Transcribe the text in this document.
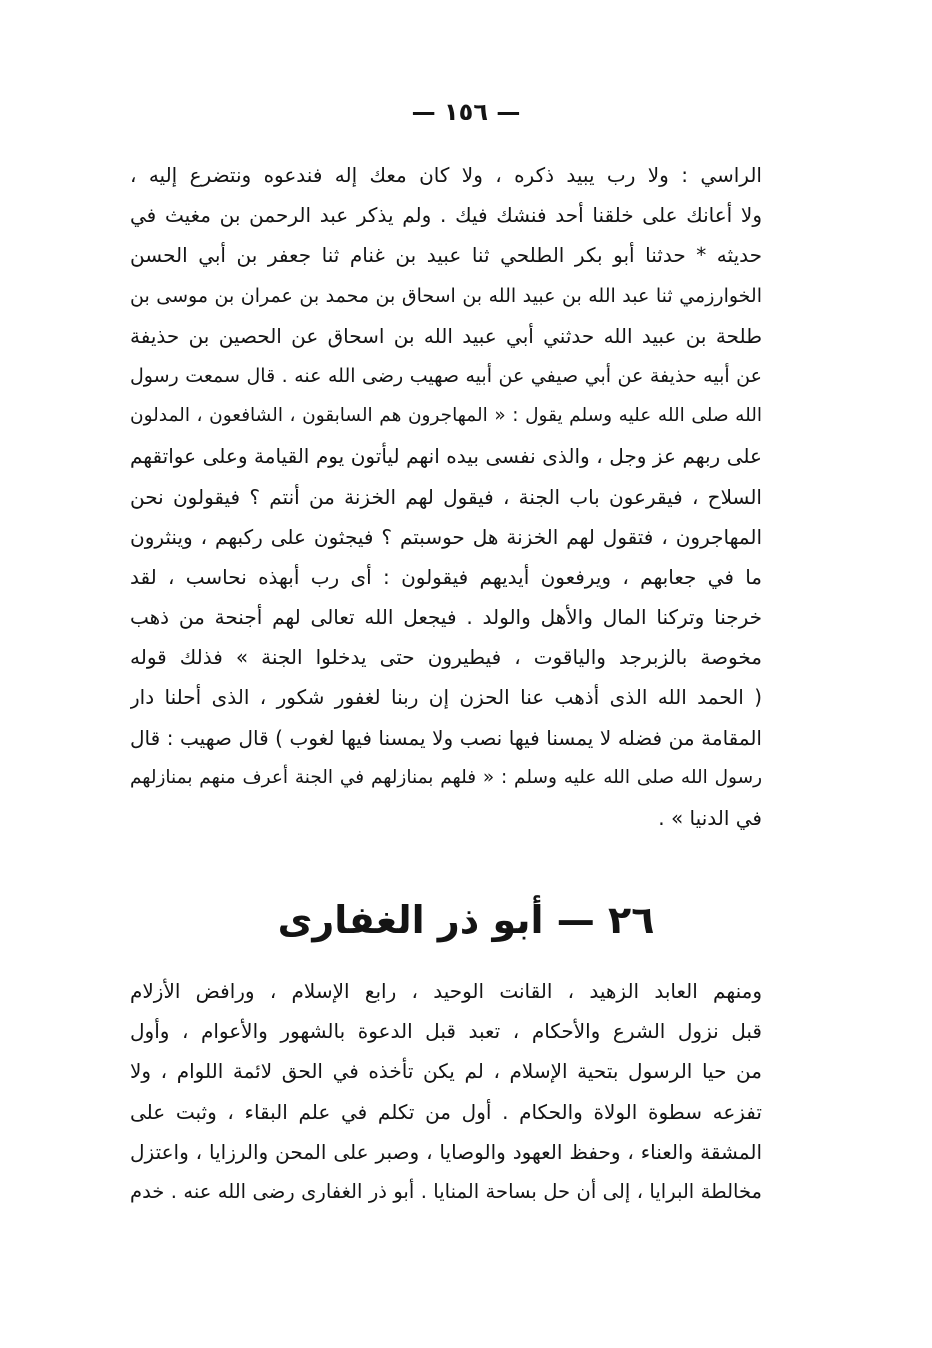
— ١٥٦ —
الراسي : ولا رب يبيد ذكره ، ولا كان معك إله فندعوه ونتضرع إليه ،
ولا أعانك على خلقنا أحد فنشك فيك . ولم يذكر عبد الرحمن بن مغيث في
حديثه * حدثنا أبو بكر الطلحي ثنا عبيد بن غنام ثنا جعفر بن أبي الحسن
الخوارزمي ثنا عبد الله بن عبيد الله بن اسحاق بن محمد بن عمران بن موسى بن
طلحة بن عبيد الله حدثني أبي عبيد الله بن اسحاق عن الحصين بن حذيفة
عن أبيه حذيفة عن أبي صيفي عن أبيه صهيب رضى الله عنه . قال سمعت رسول
الله صلى الله عليه وسلم يقول : « المهاجرون هم السابقون ، الشافعون ، المدلون
على ربهم عز وجل ، والذى نفسى بيده انهم ليأتون يوم القيامة وعلى عواتقهم
السلاح ، فيقرعون باب الجنة ، فيقول لهم الخزنة من أنتم ؟ فيقولون نحن
المهاجرون ، فتقول لهم الخزنة هل حوسبتم ؟ فيجثون على ركبهم ، وينثرون
ما في جعابهم ، ويرفعون أيديهم فيقولون : أى رب أبهذه نحاسب ، لقد
خرجنا وتركنا المال والأهل والولد . فيجعل الله تعالى لهم أجنحة من ذهب
مخوصة بالزبرجد والياقوت ، فيطيرون حتى يدخلوا الجنة » فذلك قوله
( الحمد الله الذى أذهب عنا الحزن إن ربنا لغفور شكور ، الذى أحلنا دار
المقامة من فضله لا يمسنا فيها نصب ولا يمسنا فيها لغوب ) قال صهيب : قال
رسول الله صلى الله عليه وسلم : « فلهم بمنازلهم في الجنة أعرف منهم بمنازلهم
في الدنيا » .
٢٦ — أبو ذر الغفارى
ومنهم العابد الزهيد ، القانت الوحيد ، رابع الإسلام ، ورافض الأزلام
قبل نزول الشرع والأحكام ، تعبد قبل الدعوة بالشهور والأعوام ، وأول
من حيا الرسول بتحية الإسلام ، لم يكن تأخذه في الحق لائمة اللوام ، ولا
تفزعه سطوة الولاة والحكام . أول من تكلم في علم البقاء ، وثبت على
المشقة والعناء ، وحفظ العهود والوصايا ، وصبر على المحن والرزايا ، واعتزل
مخالطة البرايا ، إلى أن حل بساحة المنايا . أبو ذر الغفارى رضى الله عنه . خدم
